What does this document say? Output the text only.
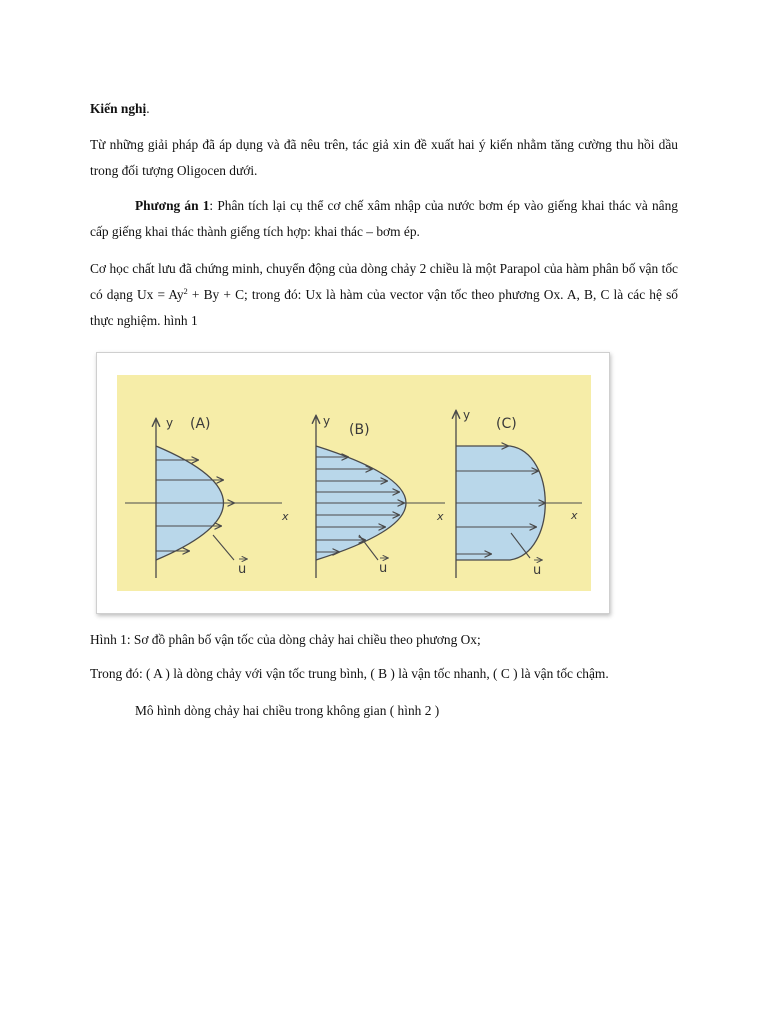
Kiến nghị.
Từ những giải pháp đã áp dụng và đã nêu trên, tác giả xin đề xuất hai ý kiến nhằm tăng cường thu hồi dầu trong đối tượng Oligocen dưới.
Phương án 1: Phân tích lại cụ thể cơ chế xâm nhập của nước bơm ép vào giếng khai thác và nâng cấp giếng khai thác thành giếng tích hợp: khai thác – bơm ép.
Cơ học chất lưu đã chứng minh, chuyển động của dòng chảy 2 chiều là một Parapol của hàm phân bố vận tốc có dạng $Ux = Ay^2 + By + C$; trong đó: Ux là hàm của vector vận tốc theo phương Ox. A, B, C là các hệ số thực nghiệm. hình 1
y (A)
x
u
y
(B)
x
u
y
(C)
x
u
Hình 1: Sơ đồ phân bố vận tốc của dòng chảy hai chiều theo phương Ox;
Trong đó: ( A ) là dòng chảy với vận tốc trung bình, ( B ) là vận tốc nhanh, ( C ) là vận tốc chậm.
Mô hình dòng chảy hai chiều trong không gian ( hình 2 )
